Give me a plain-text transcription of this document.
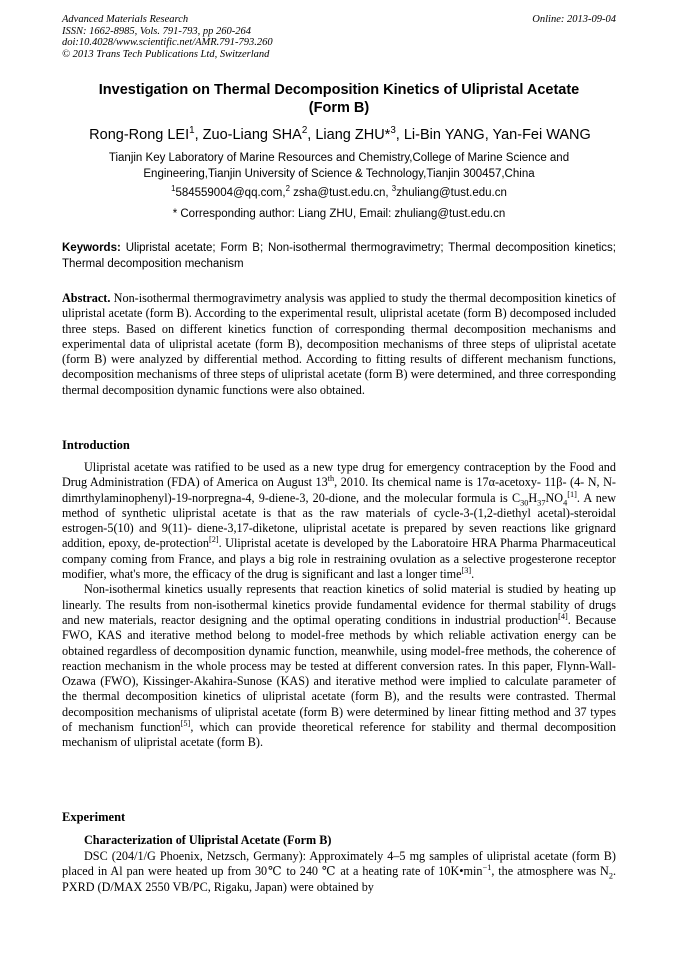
Advanced Materials Research
ISSN: 1662-8985, Vols. 791-793, pp 260-264
doi:10.4028/www.scientific.net/AMR.791-793.260
© 2013 Trans Tech Publications Ltd, Switzerland
Online: 2013-09-04
Investigation on Thermal Decomposition Kinetics of Ulipristal Acetate
(Form B)
Rong-Rong LEI$^1$, Zuo-Liang SHA$^2$, Liang ZHU*$^3$, Li-Bin YANG, Yan-Fei WANG
Tianjin Key Laboratory of Marine Resources and Chemistry,College of Marine Science and
Engineering,Tianjin University of Science & Technology,Tianjin 300457,China
$^1$584559004@qq.com,$^2$ zsha@tust.edu.cn, $^3$zhuliang@tust.edu.cn
* Corresponding author: Liang ZHU, Email: zhuliang@tust.edu.cn
Keywords: Ulipristal acetate; Form B; Non-isothermal thermogravimetry; Thermal decomposition kinetics; Thermal decomposition mechanism
Abstract. Non-isothermal thermogravimetry analysis was applied to study the thermal decomposition kinetics of ulipristal acetate (form B). According to the experimental result, ulipristal acetate (form B) decomposed included three steps. Based on different kinetics function of corresponding thermal decomposition mechanisms and experimental data of ulipristal acetate (form B), decomposition mechanisms of three steps of ulipristal acetate (form B) were analyzed by differential method. According to fitting results of different mechanism functions, decomposition mechanisms of three steps of ulipristal acetate (form B) were determined, and three corresponding thermal decomposition dynamic functions were also obtained.
Introduction

Ulipristal acetate was ratified to be used as a new type drug for emergency contraception by the Food and Drug Administration (FDA) of America on August 13th, 2010. Its chemical name is 17α-acetoxy- 11β- (4- N, N- dimrthylaminophenyl)-19-norpregna-4, 9-diene-3, 20-dione, and the molecular formula is $C_{30}H_{37}NO_4[1]$. A new method of synthetic ulipristal acetate is that as the raw materials of cycle-3-(1,2-diethyl acetal)-steroidal estrogen-5(10) and 9(11)- diene-3,17-diketone, ulipristal acetate is prepared by seven reactions like grignard addition, epoxy, de-protection[2]. Ulipristal acetate is developed by the Laboratoire HRA Pharma Pharmaceutical company coming from France, and plays a big role in restraining ovulation as a selective progesterone receptor modifier, what's more, the efficacy of the drug is significant and last a longer time[3].

Non-isothermal kinetics usually represents that reaction kinetics of solid material is studied by heating up linearly. The results from non-isothermal kinetics provide fundamental evidence for thermal stability of drugs and new materials, reactor designing and the optimal operating conditions in industrial production[4]. Because FWO, KAS and iterative method belong to model-free methods by which reliable activation energy can be obtained regardless of decomposition dynamic function, meanwhile, using model-free methods, the coherence of reaction mechanism in the whole process may be tested at different conversion rates. In this paper, Flynn-Wall-Ozawa (FWO), Kissinger-Akahira-Sunose (KAS) and iterative method were implied to calculate parameter of the thermal decomposition kinetics of ulipristal acetate (form B), and the results were contrasted. Thermal decomposition mechanisms of ulipristal acetate (form B) were determined by linear fitting method and 37 types of mechanism function[5], which can provide theoretical reference for stability and thermal decomposition mechanism of ulipristal acetate (form B).

Experiment
Characterization of Ulipristal Acetate (Form B)

DSC (204/1/G Phoenix, Netzsch, Germany): Approximately 4–5 mg samples of ulipristal acetate (form B) placed in Al pan were heated up from 30℃ to 240 ℃ at a heating rate of $10K•\min^{-1}$, the atmosphere was $N_2$. PXRD (D/MAX 2550 VB/PC, Rigaku, Japan) were obtained by
